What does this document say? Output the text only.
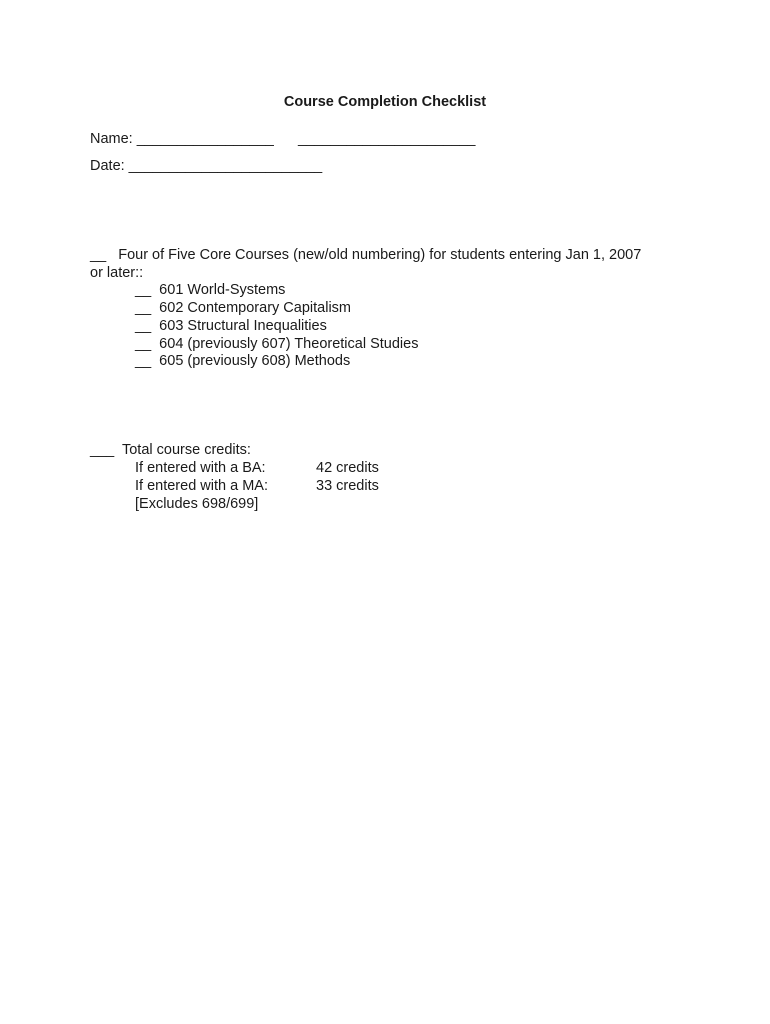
Course Completion Checklist
Name: _________________      ______________________
Date: ________________________
__   Four of Five Core Courses (new/old numbering) for students entering Jan 1, 2007
or later::
__  601 World-Systems
__  602 Contemporary Capitalism
__  603 Structural Inequalities
__  604 (previously 607) Theoretical Studies
__  605 (previously 608) Methods
___  Total course credits:
If entered with a BA:	42 credits
If entered with a MA:	33 credits
[Excludes 698/699]
